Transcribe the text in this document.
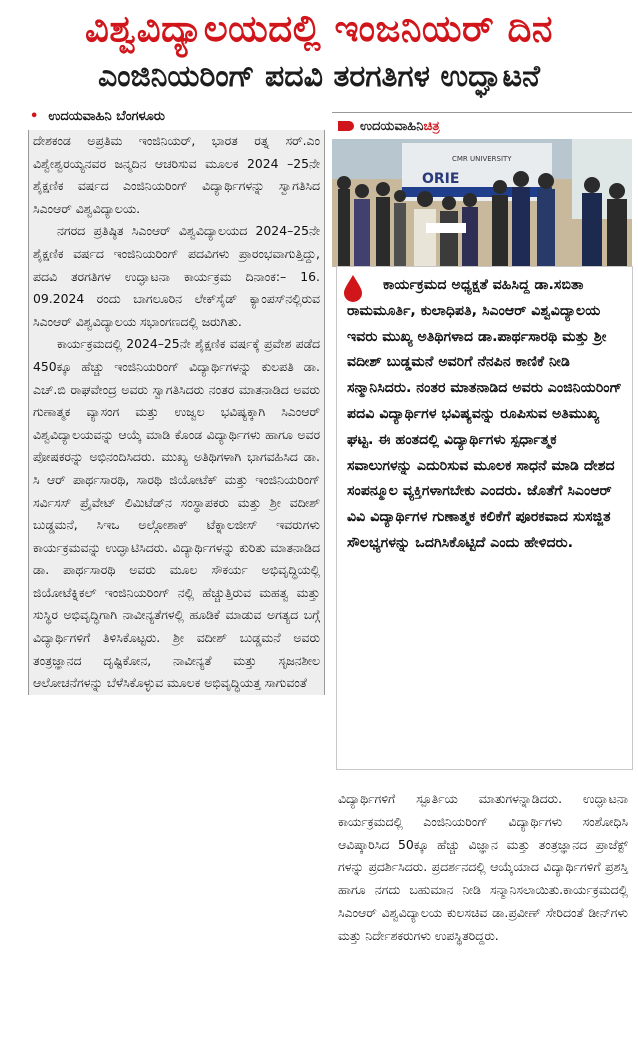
ವಿಶ್ವವಿದ್ಯಾಲಯದಲ್ಲಿ ಇಂಜನಿಯರ್ ದಿನ
ಎಂಜಿನಿಯರಿಂಗ್ ಪದವಿ ತರಗತಿಗಳ ಉದ್ಘಾಟನೆ
• ಉದಯವಾಹಿನಿ ಬೆಂಗಳೂರು

ದೇಶಕಂಡ ಅಪ್ರತಿಮ ಇಂಜಿನಿಯರ್, ಭಾರತ ರತ್ನ ಸರ್.ಎಂ ವಿಶ್ವೇಶ್ವರಯ್ಯನವರ ಜನ್ಮದಿನ ಆಚರಿಸುವ ಮೂಲಕ 2024 –25ನೇ ಶೈಕ್ಷಣಿಕ ವರ್ಷದ ಎಂಜಿನಿಯರಿಂಗ್ ವಿದ್ಯಾರ್ಥಿಗಳನ್ನು ಸ್ವಾಗತಿಸಿದ ಸಿಎಂಆರ್ ವಿಶ್ವವಿದ್ಯಾಲಯ.

ನಗರದ ಪ್ರತಿಷ್ಠಿತ ಸಿಎಂಆರ್ ವಿಶ್ವವಿದ್ಯಾಲಯದ 2024–25ನೇ ಶೈಕ್ಷಣಿಕ ವರ್ಷದ ಇಂಜಿನಿಯರಿಂಗ್ ಪದವಿಗಳು ಪ್ರಾರಂಭವಾಗುತ್ತಿದ್ದು, ಪದವಿ ತರಗತಿಗಳ ಉದ್ಘಾಟನಾ ಕಾರ್ಯಕ್ರಮ ದಿನಾಂಕ:– 16. 09.2024 ರಂದು ಬಾಗಲೂರಿನ ಲೇಕ್‌ಸೈಡ್ ಕ್ಯಾಂಪಸ್‌ನಲ್ಲಿರುವ ಸಿಎಂಆರ್ ವಿಶ್ವವಿದ್ಯಾಲಯ ಸಭಾಂಗಣದಲ್ಲಿ ಜರುಗಿತು.

ಕಾರ್ಯಕ್ರಮದಲ್ಲಿ 2024–25ನೇ ಶೈಕ್ಷಣಿಕ ವರ್ಷಕ್ಕೆ ಪ್ರವೇಶ ಪಡೆದ 450ಕ್ಕೂ ಹೆಚ್ಚು ಇಂಜಿನಿಯರಿಂಗ್ ವಿದ್ಯಾರ್ಥಿಗಳನ್ನು ಕುಲಪತಿ ಡಾ. ಎಚ್.ಬಿ ರಾಘವೇಂದ್ರ ಅವರು ಸ್ವಾಗತಿಸಿದರು ನಂತರ ಮಾತನಾಡಿದ ಅವರು ಗುಣಾತ್ಮಕ ವ್ಯಾಸಂಗ ಮತ್ತು ಉಜ್ವಲ ಭವಿಷ್ಯಕ್ಕಾಗಿ ಸಿಎಂಆರ್ ವಿಶ್ವವಿದ್ಯಾಲಯವನ್ನು ಆಯ್ಕೆ ಮಾಡಿ ಕೊಂಡ ವಿದ್ಯಾರ್ಥಿಗಳು ಹಾಗೂ ಅವರ ಪೋಷಕರನ್ನು ಅಭಿನಂದಿಸಿದರು. ಮುಖ್ಯ ಅತಿಥಿಗಳಾಗಿ ಭಾಗವಹಿಸಿದ ಡಾ. ಸಿ ಆರ್ ಪಾರ್ಥಸಾರಥಿ, ಸಾರಥಿ ಜಿಯೋಟೆಕ್ ಮತ್ತು ಇಂಜಿನಿಯರಿಂಗ್ ಸರ್ವಿಸಸ್ ಪ್ರೈವೇಟ್ ಲಿಮಿಟೆಡ್‌ನ ಸಂಸ್ಥಾಪಕರು ಮತ್ತು ಶ್ರೀ ವದೀಶ್ ಬುಡ್ಡಮನೆ, ಸಿಇಒ ಅಲ್ಗೋಶಾಕ್ ಟೆಕ್ನಾಲಜೀಸ್ ಇವರುಗಳು ಕಾರ್ಯಕ್ರಮವನ್ನು ಉದ್ಘಾಟಿಸಿದರು. ವಿದ್ಯಾರ್ಥಿಗಳನ್ನು ಕುರಿತು ಮಾತನಾಡಿದ ಡಾ. ಪಾರ್ಥಸಾರಥಿ ಅವರು ಮೂಲ ಸೌಕರ್ಯ ಅಭಿವೃದ್ಧಿಯಲ್ಲಿ ಜಿಯೋಟೆಕ್ನಿಕಲ್ ಇಂಜಿನಿಯರಿಂಗ್ ನಲ್ಲಿ ಹೆಚ್ಚುತ್ತಿರುವ ಮಹತ್ವ ಮತ್ತು ಸುಸ್ಥಿರ ಅಭಿವೃದ್ಧಿಗಾಗಿ ನಾವೀನ್ಯತೆಗಳಲ್ಲಿ ಹೂಡಿಕೆ ಮಾಡುವ ಅಗತ್ಯದ ಬಗ್ಗೆ ವಿದ್ಯಾರ್ಥಿಗಳಿಗೆ ತಿಳಿಸಿಕೊಟ್ಟರು. ಶ್ರೀ ವದೀಶ್ ಬುಡ್ಡಮನೆ ಅವರು ತಂತ್ರಜ್ಞಾನದ ದೃಷ್ಟಿಕೋನ, ನಾವೀನ್ಯತೆ ಮತ್ತು ಸೃಜನಶೀಲ ಆಲೋಚನೆಗಳನ್ನು ಬೆಳೆಸಿಕೊಳ್ಳುವ ಮೂಲಕ ಅಭಿವೃದ್ಧಿಯತ್ತ ಸಾಗುವಂತೆ

ಉದಯವಾಹಿನಿ ಚಿತ್ರ
CMR UNIVERSITY
ORIE

ಕಾರ್ಯಕ್ರಮದ ಅಧ್ಯಕ್ಷತೆ ವಹಿಸಿದ್ದ ಡಾ.ಸಬಿತಾ ರಾಮಮೂರ್ತಿ, ಕುಲಾಧಿಪತಿ, ಸಿಎಂಆರ್ ವಿಶ್ವವಿದ್ಯಾಲಯ ಇವರು ಮುಖ್ಯ ಅತಿಥಿಗಳಾದ ಡಾ.ಪಾರ್ಥಸಾರಥಿ ಮತ್ತು ಶ್ರೀ ವದೀಶ್ ಬುಡ್ಡಮನೆ ಅವರಿಗೆ ನೆನಪಿನ ಕಾಣಿಕೆ ನೀಡಿ ಸನ್ಮಾನಿಸಿದರು. ನಂತರ ಮಾತನಾಡಿದ ಅವರು ಎಂಜಿನಿಯರಿಂಗ್ ಪದವಿ ವಿದ್ಯಾರ್ಥಿಗಳ ಭವಿಷ್ಯವನ್ನು ರೂಪಿಸುವ ಅತಿಮುಖ್ಯ ಘಟ್ಟ. ಈ ಹಂತದಲ್ಲಿ ವಿದ್ಯಾರ್ಥಿಗಳು ಸ್ಪರ್ಧಾತ್ಮಕ ಸವಾಲುಗಳನ್ನು ಎದುರಿಸುವ ಮೂಲಕ ಸಾಧನೆ ಮಾಡಿ ದೇಶದ ಸಂಪನ್ಮೂಲ ವ್ಯಕ್ತಿಗಳಾಗಬೇಕು ಎಂದರು. ಜೊತೆಗೆ ಸಿಎಂಆರ್ ವಿವಿ ವಿದ್ಯಾರ್ಥಿಗಳ ಗುಣಾತ್ಮಕ ಕಲಿಕೆಗೆ ಪೂರಕವಾದ ಸುಸಜ್ಜಿತ ಸೌಲಭ್ಯಗಳನ್ನು ಒದಗಿಸಿಕೊಟ್ಟಿದೆ ಎಂದು ಹೇಳಿದರು.

ವಿದ್ಯಾರ್ಥಿಗಳಿಗೆ ಸ್ಪೂರ್ತಿಯ ಮಾತುಗಳನ್ನಾಡಿದರು. ಉದ್ಘಾಟನಾ ಕಾರ್ಯಕ್ರಮದಲ್ಲಿ ಎಂಜಿನಿಯರಿಂಗ್ ವಿದ್ಯಾರ್ಥಿಗಳು ಸಂಶೋಧಿಸಿ ಆವಿಷ್ಕಾರಿಸಿದ 50ಕ್ಕೂ ಹೆಚ್ಚು ವಿಜ್ಞಾನ ಮತ್ತು ತಂತ್ರಜ್ಞಾನದ ಪ್ರಾಜೆಕ್ಟ್ ಗಳನ್ನು ಪ್ರದರ್ಶಿಸಿದರು. ಪ್ರದರ್ಶನದಲ್ಲಿ ಆಯ್ಕೆಯಾದ ವಿದ್ಯಾರ್ಥಿಗಳಿಗೆ ಪ್ರಶಸ್ತಿ ಹಾಗೂ ನಗದು ಬಹುಮಾನ ನೀಡಿ ಸನ್ಮಾನಿಸಲಾಯಿತು.ಕಾರ್ಯಕ್ರಮದಲ್ಲಿ ಸಿಎಂಆರ್ ವಿಶ್ವವಿದ್ಯಾಲಯ ಕುಲಸಚಿವ ಡಾ.ಪ್ರವೀಣ್ ಸೇರಿದಂತೆ ಡೀನ್‌ಗಳು ಮತ್ತು ನಿರ್ದೇಶಕರುಗಳು ಉಪಸ್ಥಿತರಿದ್ದರು.
